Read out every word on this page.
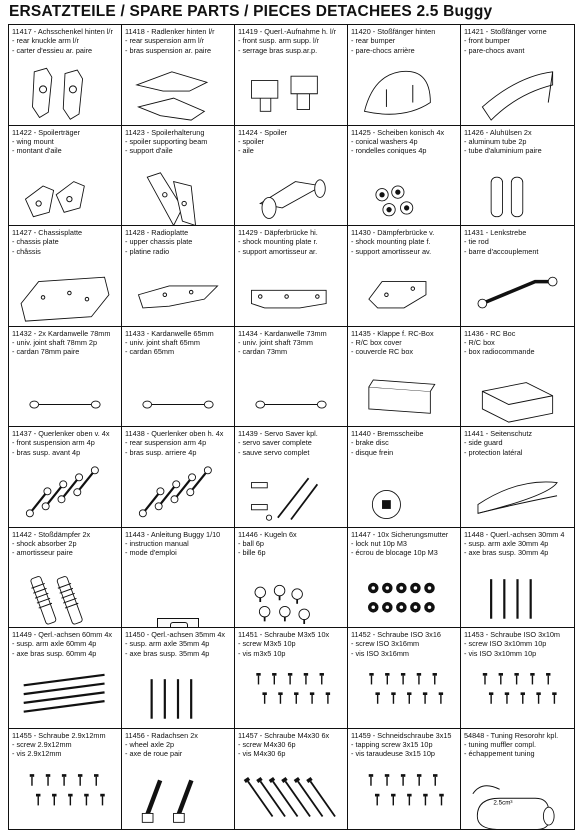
ERSATZTEILE / SPARE PARTS / PIECES DETACHEES 2.5 Buggy
11417 - Achsschenkel hinten l/r
- rear knuckle arm l/r
- carter d'essieu ar. paire
11418 - Radlenker hinten l/r
- rear suspension arm l/r
- bras suspension ar. paire
11419 - Querl.-Aufnahme h. l/r
- front susp. arm supp. l/r
- serrage bras susp.ar.p.
11420 - Stoßfänger hinten
- rear bumper
- pare-chocs arrière
11421 - Stoßfänger vorne
- front bumper
- pare-chocs avant
11422 - Spoilerträger
- wing mount
- montant d'aile
11423 - Spoilerhalterung
- spoiler supporting beam
- support d'aile
11424 - Spoiler
- spoiler
- aile
11425 - Scheiben konisch 4x
- conical washers 4p
- rondelles coniques 4p
11426 - Aluhülsen 2x
- aluminum tube 2p
- tube d'aluminium paire
11427 - Chassisplatte
- chassis plate
- châssis
11428 - Radioplatte
- upper chassis plate
- platine radio
11429 - Däpferbrücke hi.
- shock mounting plate r.
- support amortisseur ar.
11430 - Dämpferbrücke v.
- shock mounting plate f.
- support amortisseur av.
11431 - Lenkstrebe
- tie rod
- barre d'accouplement
11432 - 2x Kardanwelle 78mm
- univ. joint shaft 78mm 2p
- cardan 78mm paire
11433 - Kardanwelle 65mm
- univ. joint shaft 65mm
- cardan 65mm
11434 - Kardanwelle 73mm
- univ. joint shaft 73mm
- cardan 73mm
11435 - Klappe f. RC-Box
- R/C box cover
- couvercle RC box
11436 - RC Boc
- R/C box
- box radiocommande
11437 - Querlenker oben v. 4x
- front suspension arm 4p
- bras susp. avant 4p
11438 - Querlenker oben h. 4x
- rear suspension arm 4p
- bras susp. arriere 4p
11439 - Servo Saver kpl.
- servo saver complete
- sauve servo complet
11440 - Bremsscheibe
- brake disc
- disque frein
11441 - Seitenschutz
- side guard
- protection latéral
11442 - Stoßdämpfer 2x
- shock absorber 2p
- amortisseur paire
11443 - Anleitung Buggy 1/10
- instruction manual
- mode d'emploi
11446 - Kugeln 6x
- ball 6p
- bille 6p
11447 - 10x Sicherungsmutter
- lock nut 10p M3
- écrou de blocage 10p M3
11448 - Querl.-achsen 30mm 4
- susp. arm axle 30mm 4p
- axe bras susp. 30mm 4p
11449 - Qerl.-achsen 60mm 4x
- susp. arm axle 60mm 4p
- axe bras susp. 60mm 4p
11450 - Qerl.-achsen 35mm 4x
- susp. arm axle 35mm 4p
- axe bras susp. 35mm 4p
11451 - Schraube M3x5 10x
- screw M3x5 10p
- vis m3x5 10p
11452 - Schraube ISO 3x16
- screw ISO 3x16mm
- vis ISO 3x16mm
11453 - Schraube ISO 3x10m
- screw ISO 3x10mm 10p
- vis ISO 3x10mm 10p
11455 - Schraube 2.9x12mm
- screw 2.9x12mm
- vis 2.9x12mm
11456 - Radachsen 2x
- wheel axle 2p
- axe de roue pair
11457 - Schraube M4x30 6x
- screw M4x30 6p
- vis M4x30 6p
11459 - Schneidschraube 3x15
- tapping screw 3x15 10p
- vis taraudeuse 3x15 10p
54848 - Tuning Resorohr kpl.
- tuning muffler compl.
- échappement tuning
2.5cm³
